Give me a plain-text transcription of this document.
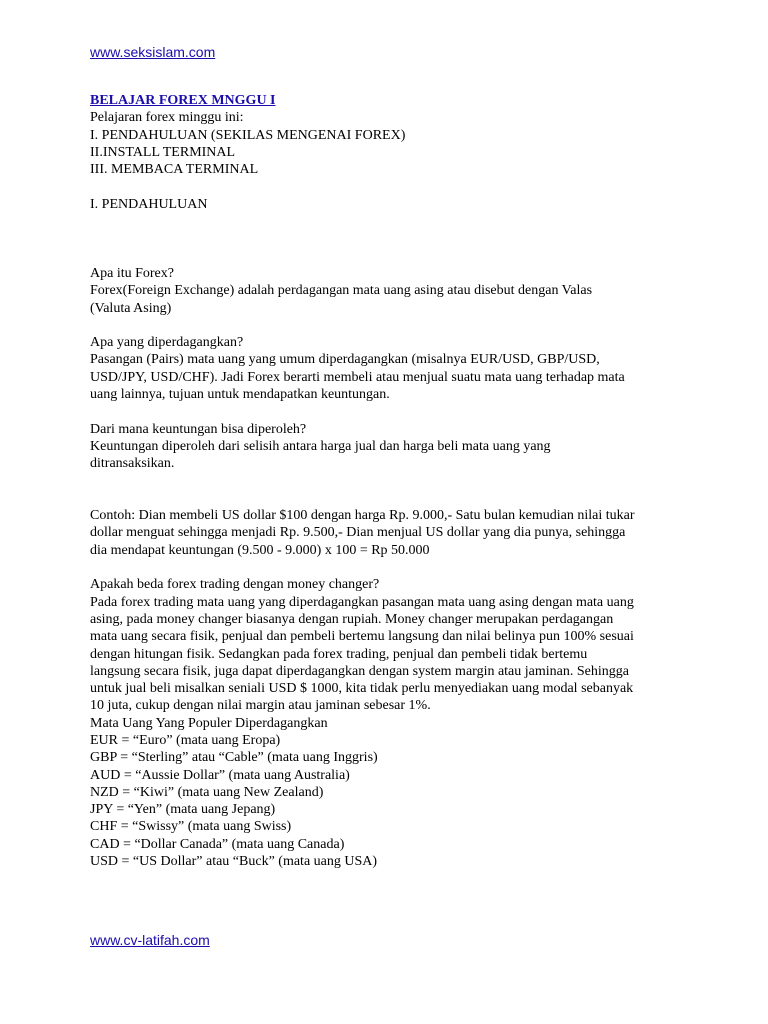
www.seksislam.com
BELAJAR FOREX MNGGU I
Pelajaran forex minggu ini:
I. PENDAHULUAN (SEKILAS MENGENAI FOREX)
II.INSTALL TERMINAL
III. MEMBACA TERMINAL
I. PENDAHULUAN
Apa itu Forex?
Forex(Foreign Exchange) adalah perdagangan mata uang asing atau disebut dengan Valas
(Valuta Asing)
Apa yang diperdagangkan?
Pasangan (Pairs) mata uang yang umum diperdagangkan (misalnya EUR/USD, GBP/USD,
USD/JPY, USD/CHF). Jadi Forex berarti membeli atau menjual suatu mata uang terhadap mata
uang lainnya, tujuan untuk mendapatkan keuntungan.
Dari mana keuntungan bisa diperoleh?
Keuntungan diperoleh dari selisih antara harga jual dan harga beli mata uang yang
ditransaksikan.
Contoh: Dian membeli US dollar $100 dengan harga Rp. 9.000,- Satu bulan kemudian nilai tukar
dollar menguat sehingga menjadi Rp. 9.500,- Dian menjual US dollar yang dia punya, sehingga
dia mendapat keuntungan (9.500 - 9.000) x 100 = Rp 50.000
Apakah beda forex trading dengan money changer?
Pada forex trading mata uang yang diperdagangkan pasangan mata uang asing dengan mata uang
asing, pada money changer biasanya dengan rupiah. Money changer merupakan perdagangan
mata uang secara fisik, penjual dan pembeli bertemu langsung dan nilai belinya pun 100% sesuai
dengan hitungan fisik. Sedangkan pada forex trading, penjual dan pembeli tidak bertemu
langsung secara fisik, juga dapat diperdagangkan dengan system margin atau jaminan. Sehingga
untuk jual beli misalkan seniali USD $ 1000, kita tidak perlu menyediakan uang modal sebanyak
10 juta, cukup dengan nilai margin atau jaminan sebesar 1%.
Mata Uang Yang Populer Diperdagangkan
EUR = “Euro” (mata uang Eropa)
GBP = “Sterling” atau “Cable” (mata uang Inggris)
AUD = “Aussie Dollar” (mata uang Australia)
NZD = “Kiwi” (mata uang New Zealand)
JPY = “Yen” (mata uang Jepang)
CHF = “Swissy” (mata uang Swiss)
CAD = “Dollar Canada” (mata uang Canada)
USD = “US Dollar” atau “Buck” (mata uang USA)
www.cv-latifah.com
